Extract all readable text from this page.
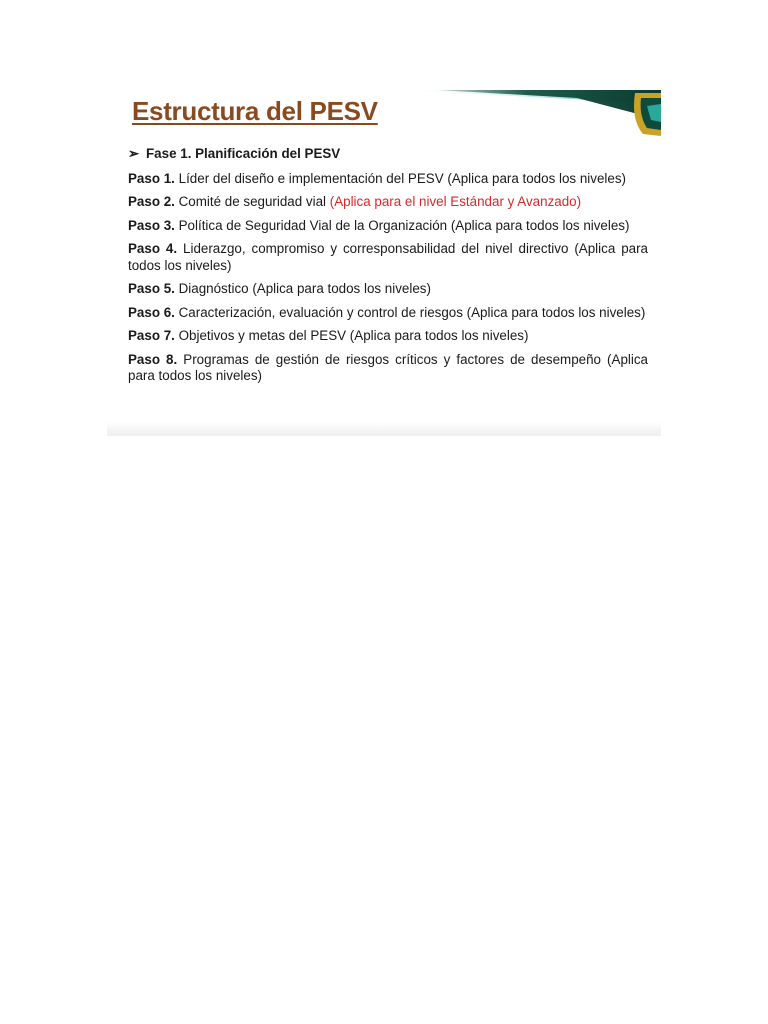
Estructura del PESV
➢ Fase 1. Planificación del PESV

Paso 1. Líder del diseño e implementación del PESV (Aplica para todos los niveles)

Paso 2. Comité de seguridad vial (Aplica para el nivel Estándar y Avanzado)

Paso 3. Política de Seguridad Vial de la Organización (Aplica para todos los niveles)

Paso 4. Liderazgo, compromiso y corresponsabilidad del nivel directivo (Aplica para todos los niveles)

Paso 5. Diagnóstico (Aplica para todos los niveles)

Paso 6. Caracterización, evaluación y control de riesgos (Aplica para todos los niveles)

Paso 7. Objetivos y metas del PESV (Aplica para todos los niveles)

Paso 8. Programas de gestión de riesgos críticos y factores de desempeño (Aplica para todos los niveles)
